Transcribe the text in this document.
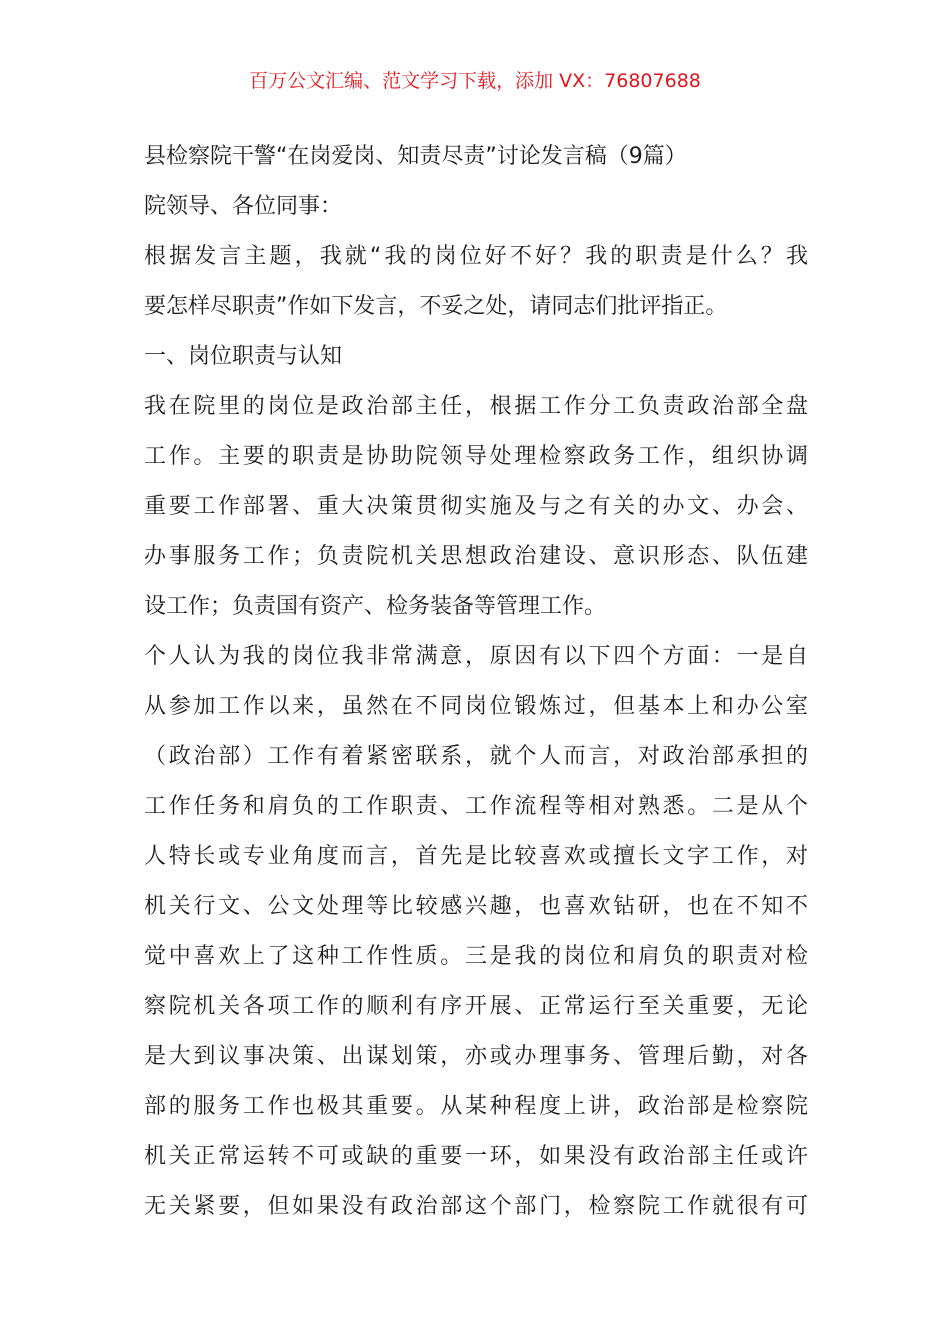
百万公文汇编、范文学习下载，添加 VX：76807688
县检察院干警“在岗爱岗、知责尽责”讨论发言稿（9篇）
院领导、各位同事：
根据发言主题，我就“我的岗位好不好？我的职责是什么？我
要怎样尽职责”作如下发言，不妥之处，请同志们批评指正。
一、岗位职责与认知
我在院里的岗位是政治部主任，根据工作分工负责政治部全盘
工作。主要的职责是协助院领导处理检察政务工作，组织协调
重要工作部署、重大决策贯彻实施及与之有关的办文、办会、
办事服务工作；负责院机关思想政治建设、意识形态、队伍建
设工作；负责国有资产、检务装备等管理工作。
个人认为我的岗位我非常满意，原因有以下四个方面：一是自
从参加工作以来，虽然在不同岗位锻炼过，但基本上和办公室
（政治部）工作有着紧密联系，就个人而言，对政治部承担的
工作任务和肩负的工作职责、工作流程等相对熟悉。二是从个
人特长或专业角度而言，首先是比较喜欢或擅长文字工作，对
机关行文、公文处理等比较感兴趣，也喜欢钻研，也在不知不
觉中喜欢上了这种工作性质。三是我的岗位和肩负的职责对检
察院机关各项工作的顺利有序开展、正常运行至关重要，无论
是大到议事决策、出谋划策，亦或办理事务、管理后勤，对各
部的服务工作也极其重要。从某种程度上讲，政治部是检察院
机关正常运转不可或缺的重要一环，如果没有政治部主任或许
无关紧要，但如果没有政治部这个部门，检察院工作就很有可
